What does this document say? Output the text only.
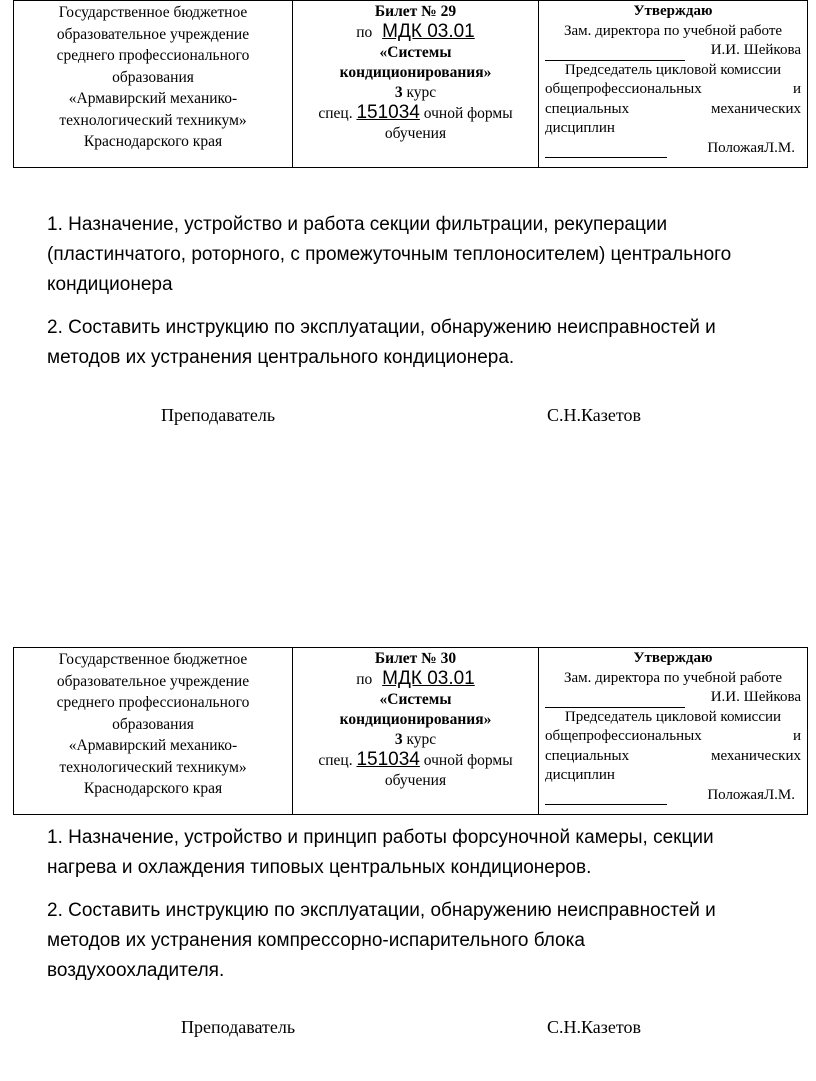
Государственное бюджетное
образовательное учреждение
среднего профессионального
образования
«Армавирский механико-
технологический техникум»
Краснодарского края
Билет № 29
по МДК 03.01
«Системы
кондиционирования»
3 курс
спец. 151034 очной формы
обучения
Утверждаю
Зам. директора по учебной работе
И.И. Шейкова
Председатель цикловой комиссии
общепрофессиональных и
специальных механических
дисциплин
ПоложаяЛ.М.

1. Назначение, устройство и работа секции фильтрации, рекуперации (пластинчатого, роторного, с промежуточным теплоносителем) центрального кондиционера

2. Составить инструкцию по эксплуатации, обнаружению неисправностей и методов их устранения центрального кондиционера.

Преподаватель	С.Н.Казетов
Государственное бюджетное
образовательное учреждение
среднего профессионального
образования
«Армавирский механико-
технологический техникум»
Краснодарского края
Билет № 30
по МДК 03.01
«Системы
кондиционирования»
3 курс
спец. 151034 очной формы
обучения
Утверждаю
Зам. директора по учебной работе
И.И. Шейкова
Председатель цикловой комиссии
общепрофессиональных и
специальных механических
дисциплин
ПоложаяЛ.М.

1. Назначение, устройство и принцип работы форсуночной камеры, секции нагрева и охлаждения типовых центральных кондиционеров.

2. Составить инструкцию по эксплуатации, обнаружению неисправностей и методов их устранения компрессорно-испарительного блока воздухоохладителя.

Преподаватель	С.Н.Казетов
